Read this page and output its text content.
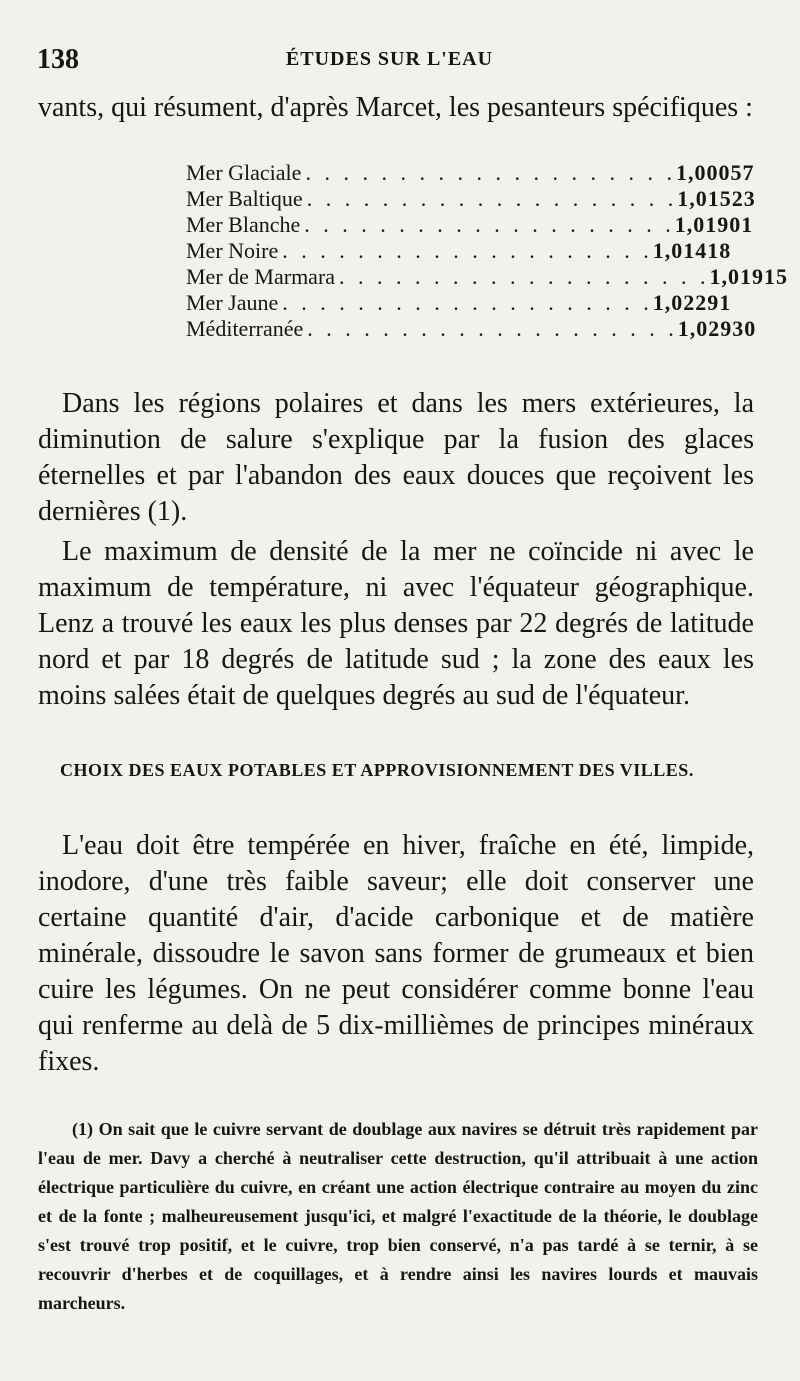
138	ÉTUDES SUR L'EAU

vants, qui résument, d'après Marcet, les pesanteurs spécifiques :

Mer Glaciale . . . . . . . . . . . . . . . . . . . . 1,00057
Mer Baltique . . . . . . . . . . . . . . . . . . . . 1,01523
Mer Blanche . . . . . . . . . . . . . . . . . . . . 1,01901
Mer Noire . . . . . . . . . . . . . . . . . . . . 1,01418
Mer de Marmara . . . . . . . . . . . . . . . . . . . . 1,01915
Mer Jaune . . . . . . . . . . . . . . . . . . . . 1,02291
Méditerranée . . . . . . . . . . . . . . . . . . . . 1,02930

Dans les régions polaires et dans les mers extérieures, la diminution de salure s'explique par la fusion des glaces éternelles et par l'abandon des eaux douces que reçoivent les dernières (1).

Le maximum de densité de la mer ne coïncide ni avec le maximum de température, ni avec l'équateur géographique. Lenz a trouvé les eaux les plus denses par 22 degrés de latitude nord et par 18 degrés de latitude sud ; la zone des eaux les moins salées était de quelques degrés au sud de l'équateur.

CHOIX DES EAUX POTABLES ET APPROVISIONNEMENT DES VILLES.

L'eau doit être tempérée en hiver, fraîche en été, limpide, inodore, d'une très faible saveur; elle doit conserver une certaine quantité d'air, d'acide carbonique et de matière minérale, dissoudre le savon sans former de grumeaux et bien cuire les légumes. On ne peut considérer comme bonne l'eau qui renferme au delà de 5 dix-millièmes de principes minéraux fixes.

(1) On sait que le cuivre servant de doublage aux navires se détruit très rapidement par l'eau de mer. Davy a cherché à neutraliser cette destruction, qu'il attribuait à une action électrique particulière du cuivre, en créant une action électrique contraire au moyen du zinc et de la fonte ; malheureusement jusqu'ici, et malgré l'exactitude de la théorie, le doublage s'est trouvé trop positif, et le cuivre, trop bien conservé, n'a pas tardé à se ternir, à se recouvrir d'herbes et de coquillages, et à rendre ainsi les navires lourds et mauvais marcheurs.
